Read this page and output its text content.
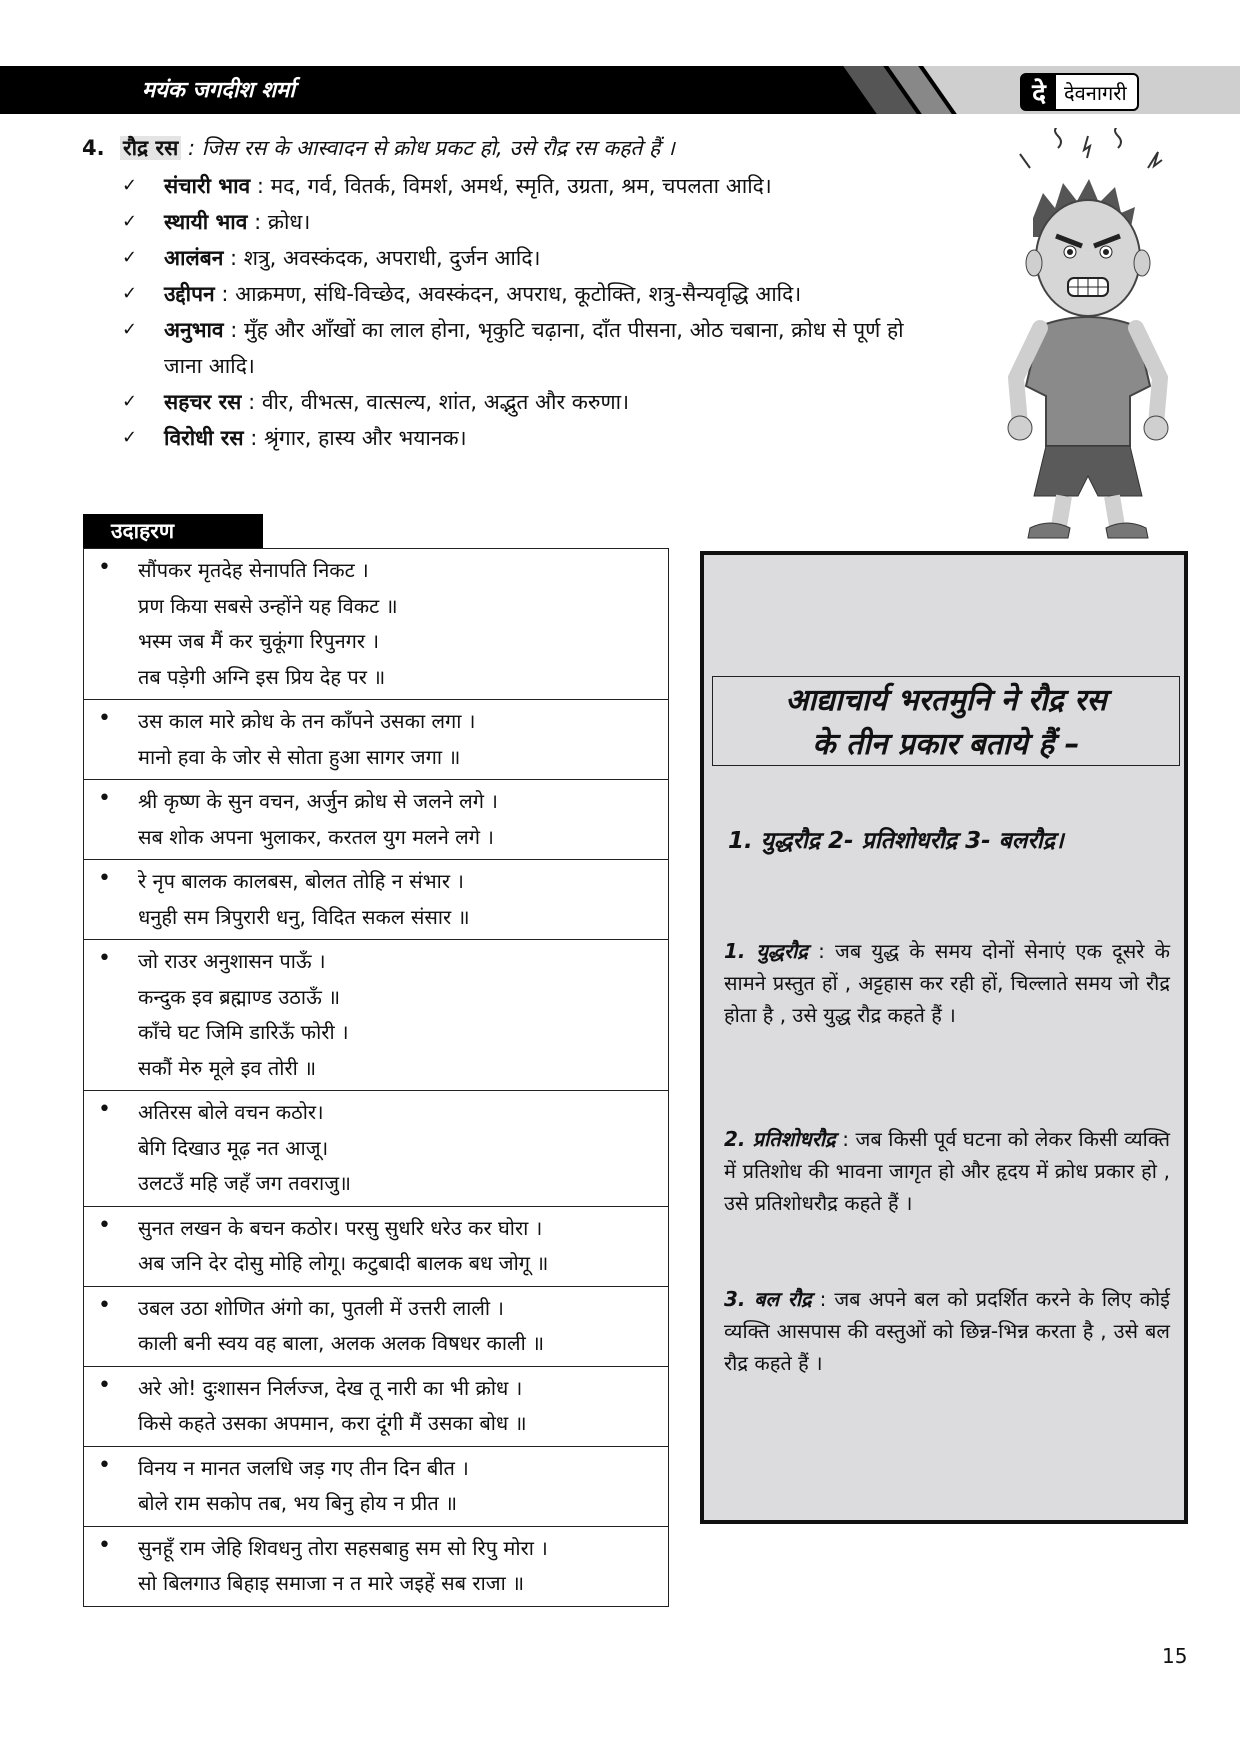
मयंक जगदीश शर्मा	दे देवनागरी
4. रौद्र रस : जिस रस के आस्वादन से क्रोध प्रकट हो, उसे रौद्र रस कहते हैं ।
✓ संचारी भाव : मद, गर्व, वितर्क, विमर्श, अमर्थ, स्मृति, उग्रता, श्रम, चपलता आदि।
✓ स्थायी भाव : क्रोध।
✓ आलंबन : शत्रु, अवस्कंदक, अपराधी, दुर्जन आदि।
✓ उद्दीपन : आक्रमण, संधि-विच्छेद, अवस्कंदन, अपराध, कूटोक्ति, शत्रु-सैन्यवृद्धि आदि।
✓ अनुभाव : मुँह और आँखों का लाल होना, भृकुटि चढ़ाना, दाँत पीसना, ओठ चबाना, क्रोध से पूर्ण हो जाना आदि।
✓ सहचर रस : वीर, वीभत्स, वात्सल्य, शांत, अद्भुत और करुणा।
✓ विरोधी रस : श्रृंगार, हास्य और भयानक।
उदाहरण
• सौंपकर मृतदेह सेनापति निकट ।
प्रण किया सबसे उन्होंने यह विकट ॥
भस्म जब मैं कर चुकूंगा रिपुनगर ।
तब पड़ेगी अग्नि इस प्रिय देह पर ॥
• उस काल मारे क्रोध के तन काँपने उसका लगा ।
मानो हवा के जोर से सोता हुआ सागर जगा ॥
• श्री कृष्ण के सुन वचन, अर्जुन क्रोध से जलने लगे ।
सब शोक अपना भुलाकर, करतल युग मलने लगे ।
• रे नृप बालक कालबस, बोलत तोहि न संभार ।
धनुही सम त्रिपुरारी धनु, विदित सकल संसार ॥
• जो राउर अनुशासन पाऊँ ।
कन्दुक इव ब्रह्माण्ड उठाऊँ ॥
काँचे घट जिमि डारिऊँ फोरी ।
सकौं मेरु मूले इव तोरी ॥
• अतिरस बोले वचन कठोर।
बेगि दिखाउ मूढ़ नत आजू।
उलटउँ महि जहँ जग तवराजु॥
• सुनत लखन के बचन कठोर। परसु सुधरि धरेउ कर घोरा ।
अब जनि देर दोसु मोहि लोगू। कटुबादी बालक बध जोगू ॥
• उबल उठा शोणित अंगो का, पुतली में उत्तरी लाली ।
काली बनी स्वय वह बाला, अलक अलक विषधर काली ॥
• अरे ओ! दुःशासन निर्लज्ज, देख तू नारी का भी क्रोध ।
किसे कहते उसका अपमान, करा दूंगी मैं उसका बोध ॥
• विनय न मानत जलधि जड़ गए तीन दिन बीत ।
बोले राम सकोप तब, भय बिनु होय न प्रीत ॥
• सुनहूँ राम जेहि शिवधनु तोरा सहसबाहु सम सो रिपु मोरा ।
सो बिलगाउ बिहाइ समाजा न त मारे जइहें सब राजा ॥
आद्याचार्य भरतमुनि ने रौद्र रस
के तीन प्रकार बताये हैं –
1. युद्धरौद्र 2- प्रतिशोधरौद्र 3- बलरौद्र।
1. युद्धरौद्र : जब युद्ध के समय दोनों सेनाएं एक दूसरे के सामने प्रस्तुत हों , अट्टहास कर रही हों, चिल्लाते समय जो रौद्र होता है , उसे युद्ध रौद्र कहते हैं ।
2. प्रतिशोधरौद्र : जब किसी पूर्व घटना को लेकर किसी व्यक्ति में प्रतिशोध की भावना जागृत हो और हृदय में क्रोध प्रकार हो , उसे प्रतिशोधरौद्र कहते हैं ।
3. बल रौद्र : जब अपने बल को प्रदर्शित करने के लिए कोई व्यक्ति आसपास की वस्तुओं को छिन्न-भिन्न करता है , उसे बल रौद्र कहते हैं ।
15
